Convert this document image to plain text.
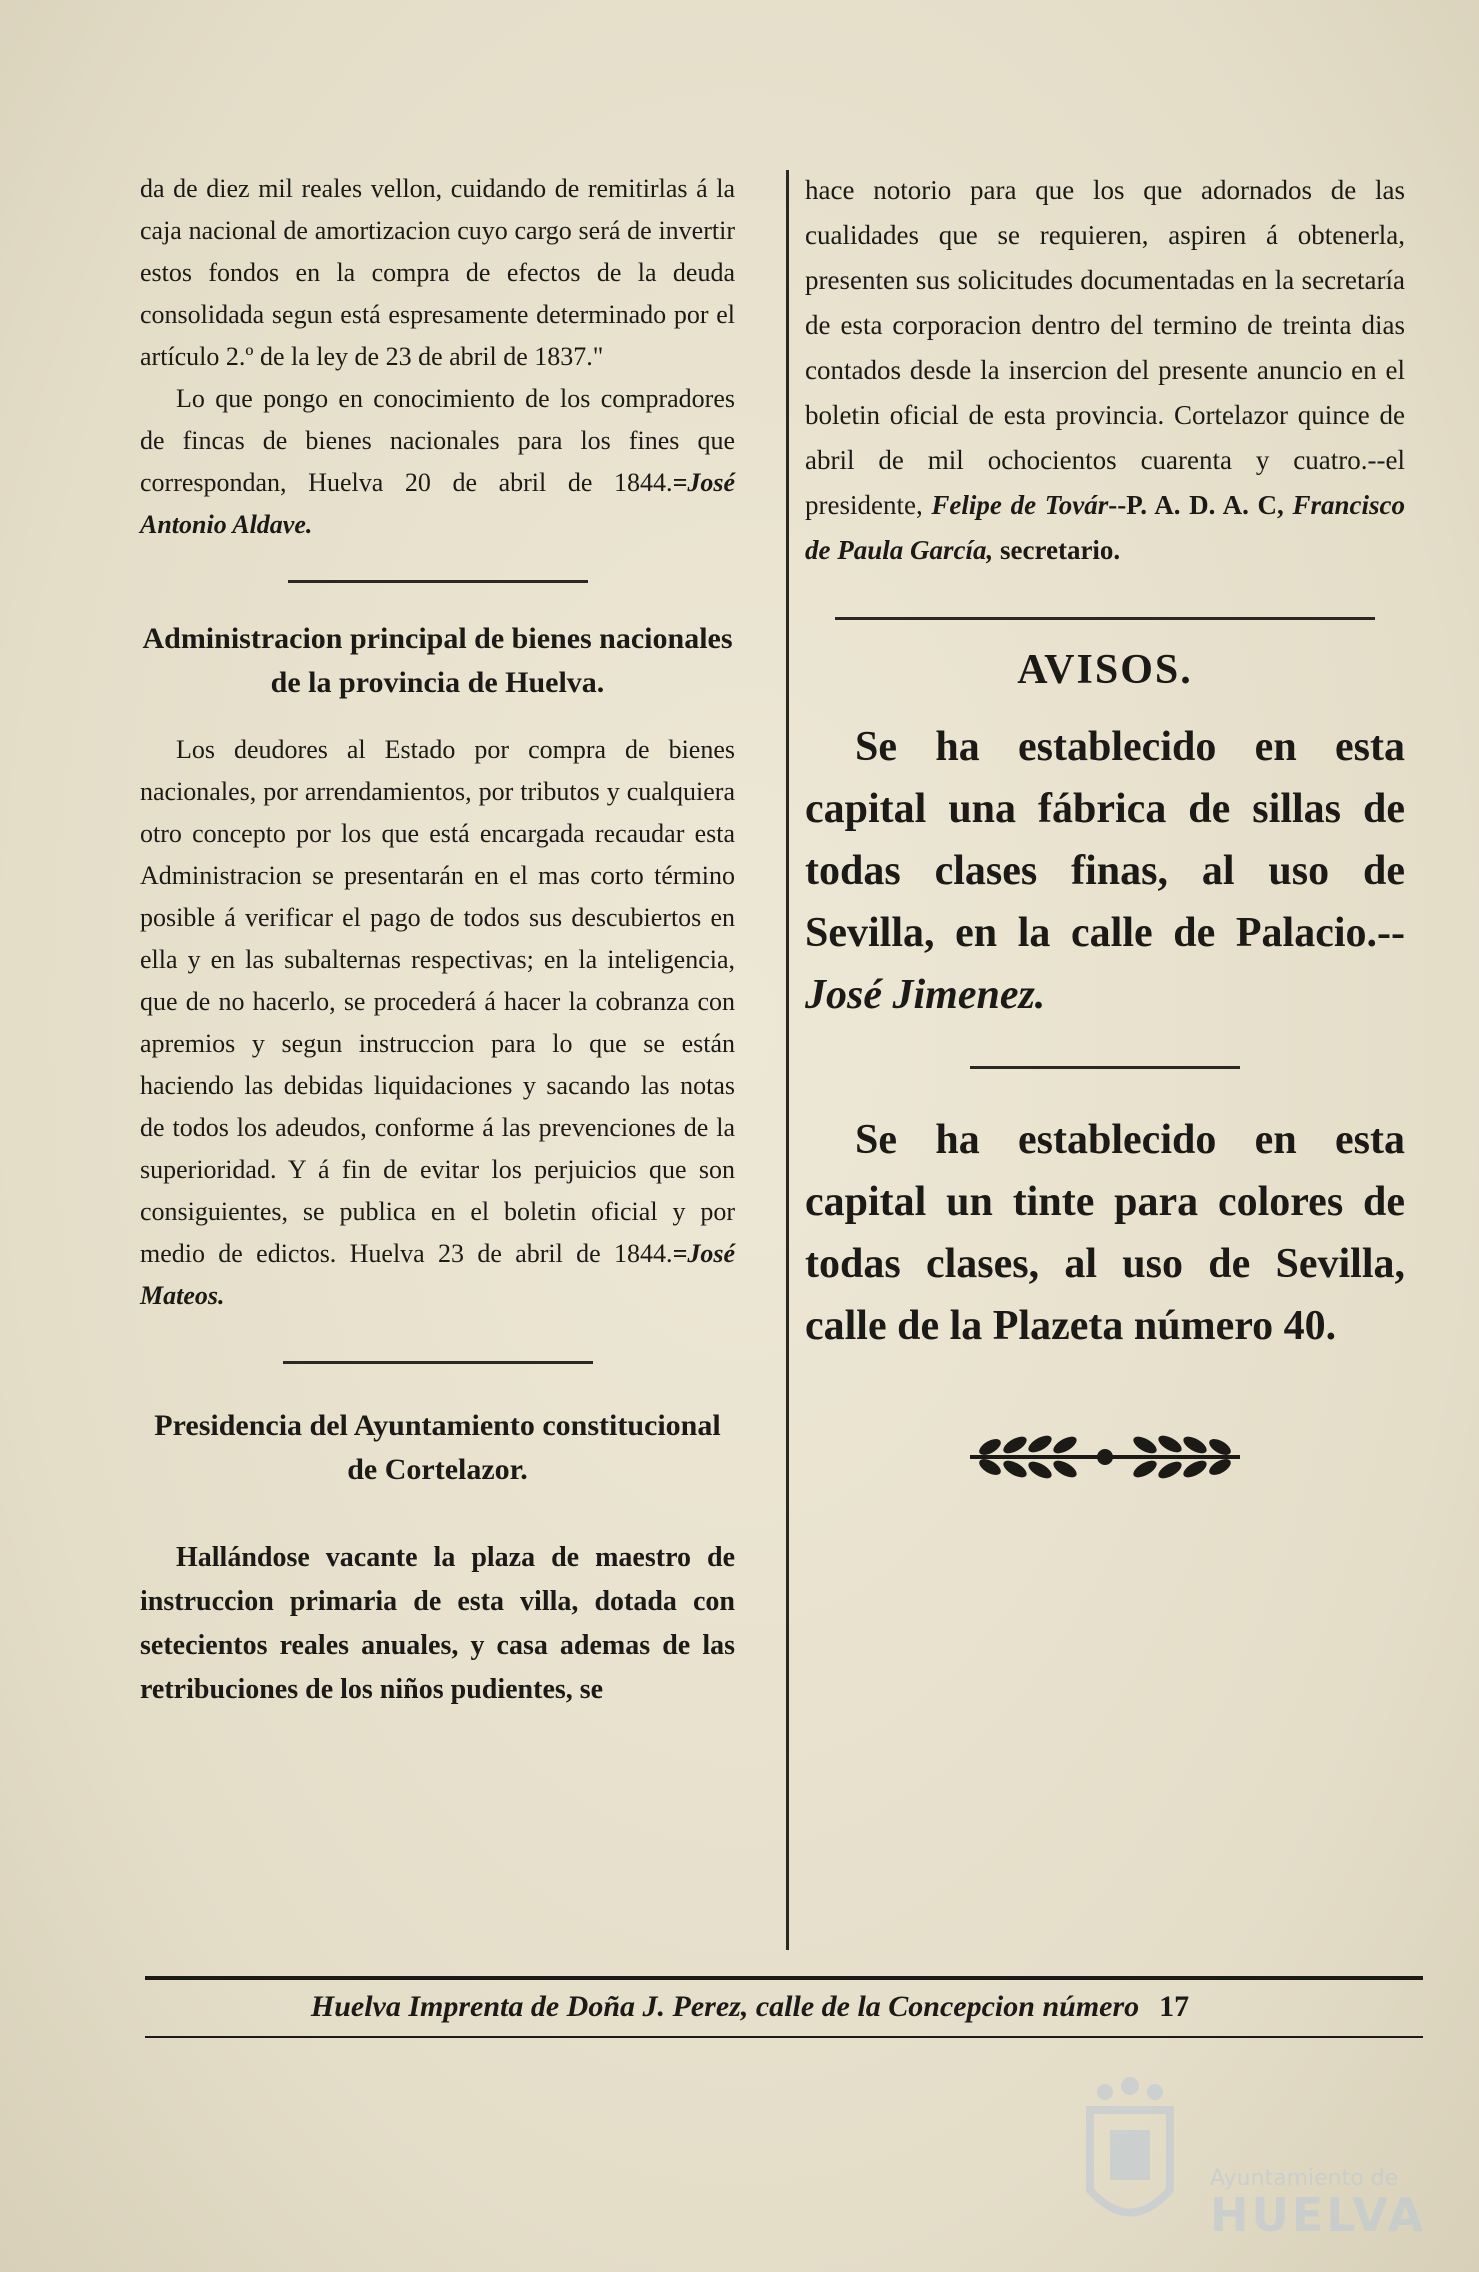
da de diez mil reales vellon, cuidando de remitirlas á la caja nacional de amortizacion cuyo cargo será de invertir estos fondos en la compra de efectos de la deuda consolidada segun está espresamente determinado por el artículo 2.º de la ley de 23 de abril de 1837."

Lo que pongo en conocimiento de los compradores de fincas de bienes nacionales para los fines que correspondan, Huelva 20 de abril de 1844.=José Antonio Aldave.

Administracion principal de bienes nacionales de la provincia de Huelva.

Los deudores al Estado por compra de bienes nacionales, por arrendamientos, por tributos y cualquiera otro concepto por los que está encargada recaudar esta Administracion se presentarán en el mas corto término posible á verificar el pago de todos sus descubiertos en ella y en las subalternas respectivas; en la inteligencia, que de no hacerlo, se procederá á hacer la cobranza con apremios y segun instruccion para lo que se están haciendo las debidas liquidaciones y sacando las notas de todos los adeudos, conforme á las prevenciones de la superioridad. Y á fin de evitar los perjuicios que son consiguientes, se publica en el boletin oficial y por medio de edictos. Huelva 23 de abril de 1844.=José Mateos.

Presidencia del Ayuntamiento constitucional de Cortelazor.

Hallándose vacante la plaza de maestro de instruccion primaria de esta villa, dotada con setecientos reales anuales, y casa ademas de las retribuciones de los niños pudientes, se

hace notorio para que los que adornados de las cualidades que se requieren, aspiren á obtenerla, presenten sus solicitudes documentadas en la secretaría de esta corporacion dentro del termino de treinta dias contados desde la insercion del presente anuncio en el boletin oficial de esta provincia. Cortelazor quince de abril de mil ochocientos cuarenta y cuatro.--el presidente, Felipe de Továr--P. A. D. A. C, Francisco de Paula García, secretario.

AVISOS.

Se ha establecido en esta capital una fábrica de sillas de todas clases finas, al uso de Sevilla, en la calle de Palacio.--José Jimenez.

Se ha establecido en esta capital un tinte para colores de todas clases, al uso de Sevilla, calle de la Plazeta número 40.

Huelva Imprenta de Doña J. Perez, calle de la Concepcion número 17
Ayuntamiento de
HUELVA
